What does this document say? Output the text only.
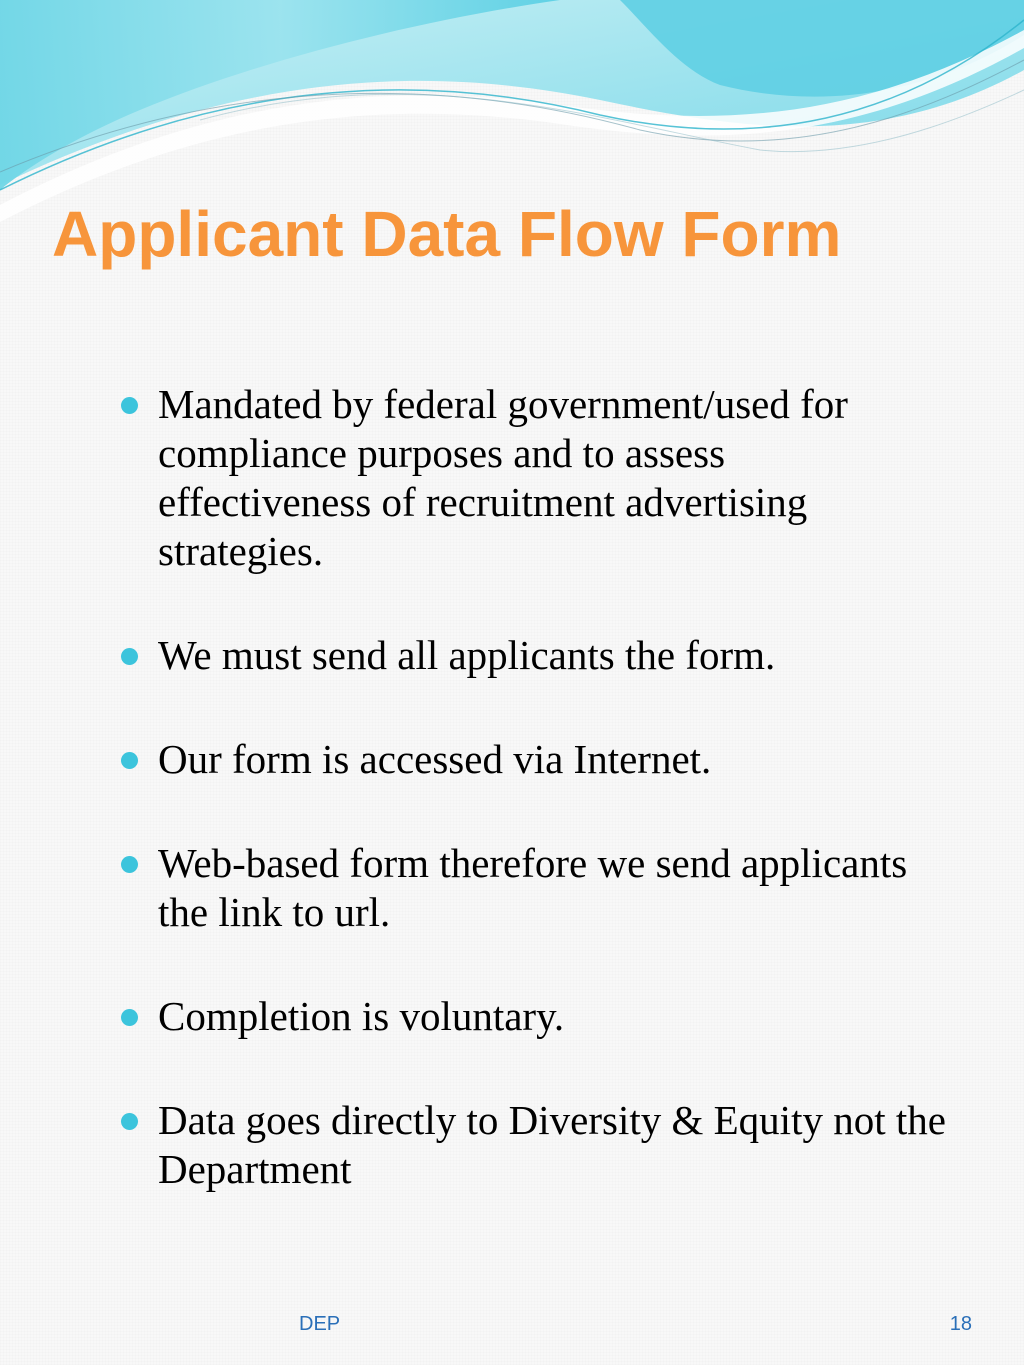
Applicant Data Flow Form
Mandated by federal government/used for compliance purposes and to assess effectiveness of recruitment advertising strategies.
We must send all applicants the form.
Our form is accessed via Internet.
Web-based form therefore we send applicants the link to url.
Completion is voluntary.
Data goes directly to Diversity & Equity not the Department
DEP	18
